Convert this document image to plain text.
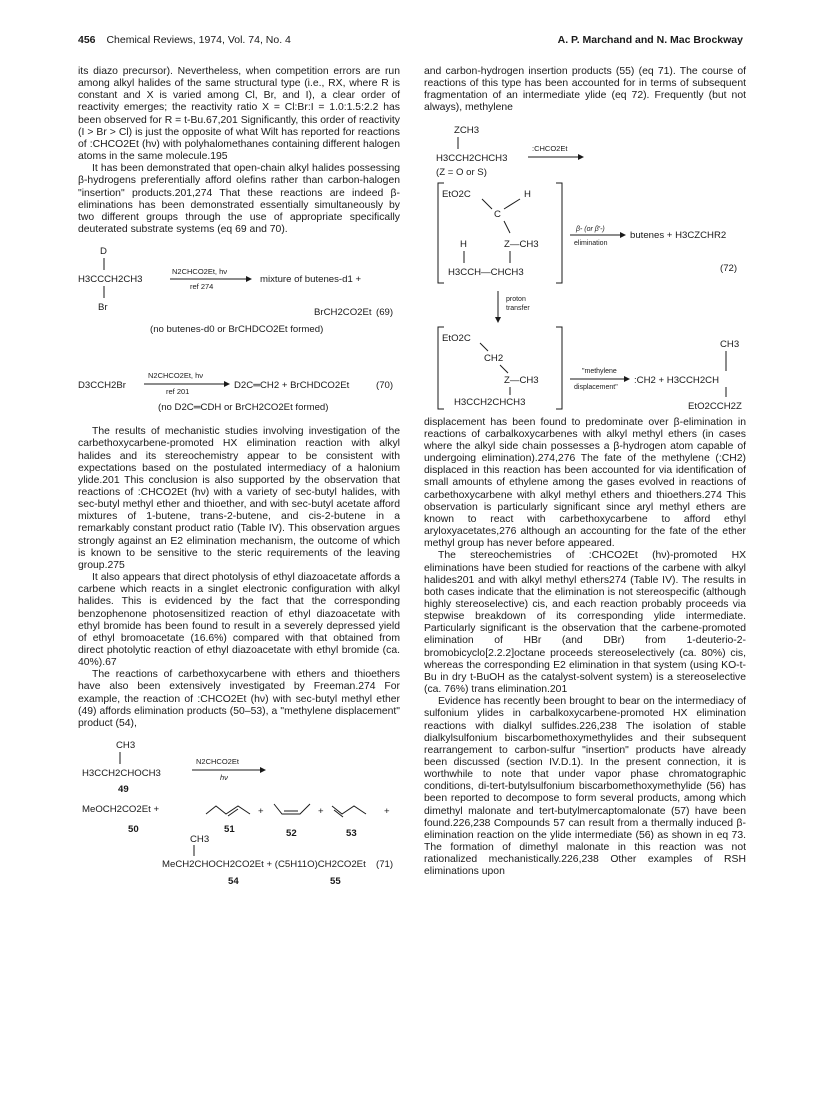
456 Chemical Reviews, 1974, Vol. 74, No. 4	A. P. Marchand and N. Mac Brockway

its diazo precursor). Nevertheless, when competition errors are run among alkyl halides of the same structural type (i.e., RX, where R is constant and X is varied among Cl, Br, and I), a clear order of reactivity emerges; the reactivity ratio X = Cl:Br:I = 1.0:1.5:2.2 has been observed for R = t-Bu.67,201 Significantly, this order of reactivity (I > Br > Cl) is just the opposite of what Wilt has reported for reactions of :CHCO2Et (hν) with polyhalomethanes containing different halogen atoms in the same molecule.195

It has been demonstrated that open-chain alkyl halides possessing β-hydrogens preferentially afford olefins rather than carbon-halogen "insertion" products.201,274 That these reactions are indeed β-eliminations has been demonstrated essentially simultaneously by two different groups through the use of appropriate specifically deuterated substrate systems (eq 69 and 70).

D
H3CCCH2CH3
Br
N2CHCO2Et, hν
ref 274
mixture of butenes-d1 +
BrCH2CO2Et (69)
(no butenes-d0 or BrCHDCO2Et formed)
D3CCH2Br
N2CHCO2Et, hν
ref 201
D2C═CH2 + BrCHDCO2Et	(70)
(no D2C═CDH or BrCH2CO2Et formed)

The results of mechanistic studies involving investigation of the carbethoxycarbene-promoted HX elimination reaction with alkyl halides and its stereochemistry appear to be consistent with expectations based on the postulated intermediacy of a halonium ylide.201 This conclusion is also supported by the observation that reactions of :CHCO2Et (hν) with a variety of sec-butyl halides, with sec-butyl methyl ether and thioether, and with sec-butyl acetate afford mixtures of 1-butene, trans-2-butene, and cis-2-butene in a remarkably constant product ratio (Table IV). This observation argues strongly against an E2 elimination mechanism, the outcome of which is known to be sensitive to the steric requirements of the leaving group.275

It also appears that direct photolysis of ethyl diazoacetate affords a carbene which reacts in a singlet electronic configuration with alkyl halides. This is evidenced by the fact that the corresponding benzophenone photosensitized reaction of ethyl diazoacetate with ethyl bromide has been found to result in a severely depressed yield of ethyl bromoacetate (16.6%) compared with that obtained from direct photolytic reaction of ethyl diazoacetate with ethyl bromide (ca. 40%).67

The reactions of carbethoxycarbene with ethers and thioethers have also been extensively investigated by Freeman.274 For example, the reaction of :CHCO2Et (hν) with sec-butyl methyl ether (49) affords elimination products (50–53), a "methylene displacement" product (54),

CH3
H3CCH2CHOCH3
N2CHCO2Et
hν
49
MeOCH2CO2Et +	+	+	+
50	51	52	53
CH3
MeCH2CHOCH2CO2Et + (C5H11O)CH2CO2Et (71)
54	55

and carbon-hydrogen insertion products (55) (eq 71). The course of reactions of this type has been accounted for in terms of subsequent fragmentation of an intermediate ylide (eq 72). Frequently (but not always), methylene

ZCH3
H3CCH2CHCH3
:CHCO2Et
(Z = O or S)
EtO2C	H
C
H	Z—CH3
H3CCH—CHCH3
β- (or β′-)
elimination
butenes + H3CZCHR2
(72)
proton
transfer
EtO2C
CH2
Z—CH3
H3CCH2CHCH3
"methylene
displacement"
CH3
:CH2 + H3CCH2CH
EtO2CCH2Z

displacement has been found to predominate over β-elimination in reactions of carbalkoxycarbenes with alkyl methyl ethers (in cases where the alkyl side chain possesses a β-hydrogen atom capable of undergoing elimination).274,276 The fate of the methylene (:CH2) displaced in this reaction has been accounted for via identification of small amounts of ethylene among the gases evolved in reactions of carbethoxycarbene with alkyl methyl ethers and thioethers.274 This observation is particularly significant since aryl methyl ethers are known to react with carbethoxycarbene to afford ethyl aryloxyacetates,276 although an accounting for the fate of the ether methyl group has never before appeared.

The stereochemistries of :CHCO2Et (hν)-promoted HX eliminations have been studied for reactions of the carbene with alkyl halides201 and with alkyl methyl ethers274 (Table IV). The results in both cases indicate that the elimination is not stereospecific (although highly stereoselective) cis, and each reaction probably proceeds via stepwise breakdown of its corresponding ylide intermediate. Particularly significant is the observation that the carbene-promoted elimination of HBr (and DBr) from 1-deuterio-2-bromobicyclo[2.2.2]octane proceeds stereoselectively (ca. 80%) cis, whereas the corresponding E2 elimination in that system (using KO-t-Bu in dry t-BuOH as the catalyst-solvent system) is a stereoselective (ca. 76%) trans elimination.201

Evidence has recently been brought to bear on the intermediacy of sulfonium ylides in carbalkoxycarbene-promoted HX elimination reactions with dialkyl sulfides.226,238 The isolation of stable dialkylsulfonium biscarbomethoxymethylides and their subsequent rearrangement to carbon-sulfur "insertion" products have already been discussed (section IV.D.1). In the present connection, it is worthwhile to note that under vapor phase chromatographic conditions, di-tert-butylsulfonium biscarbomethoxymethylide (56) has been reported to decompose to form several products, among which dimethyl malonate and tert-butylmercaptomalonate (57) have been found.226,238 Compounds 57 can result from a thermally induced β-elimination reaction on the ylide intermediate (56) as shown in eq 73. The formation of dimethyl malonate in this reaction was not rationalized mechanistically.226,238 Other examples of RSH eliminations upon
